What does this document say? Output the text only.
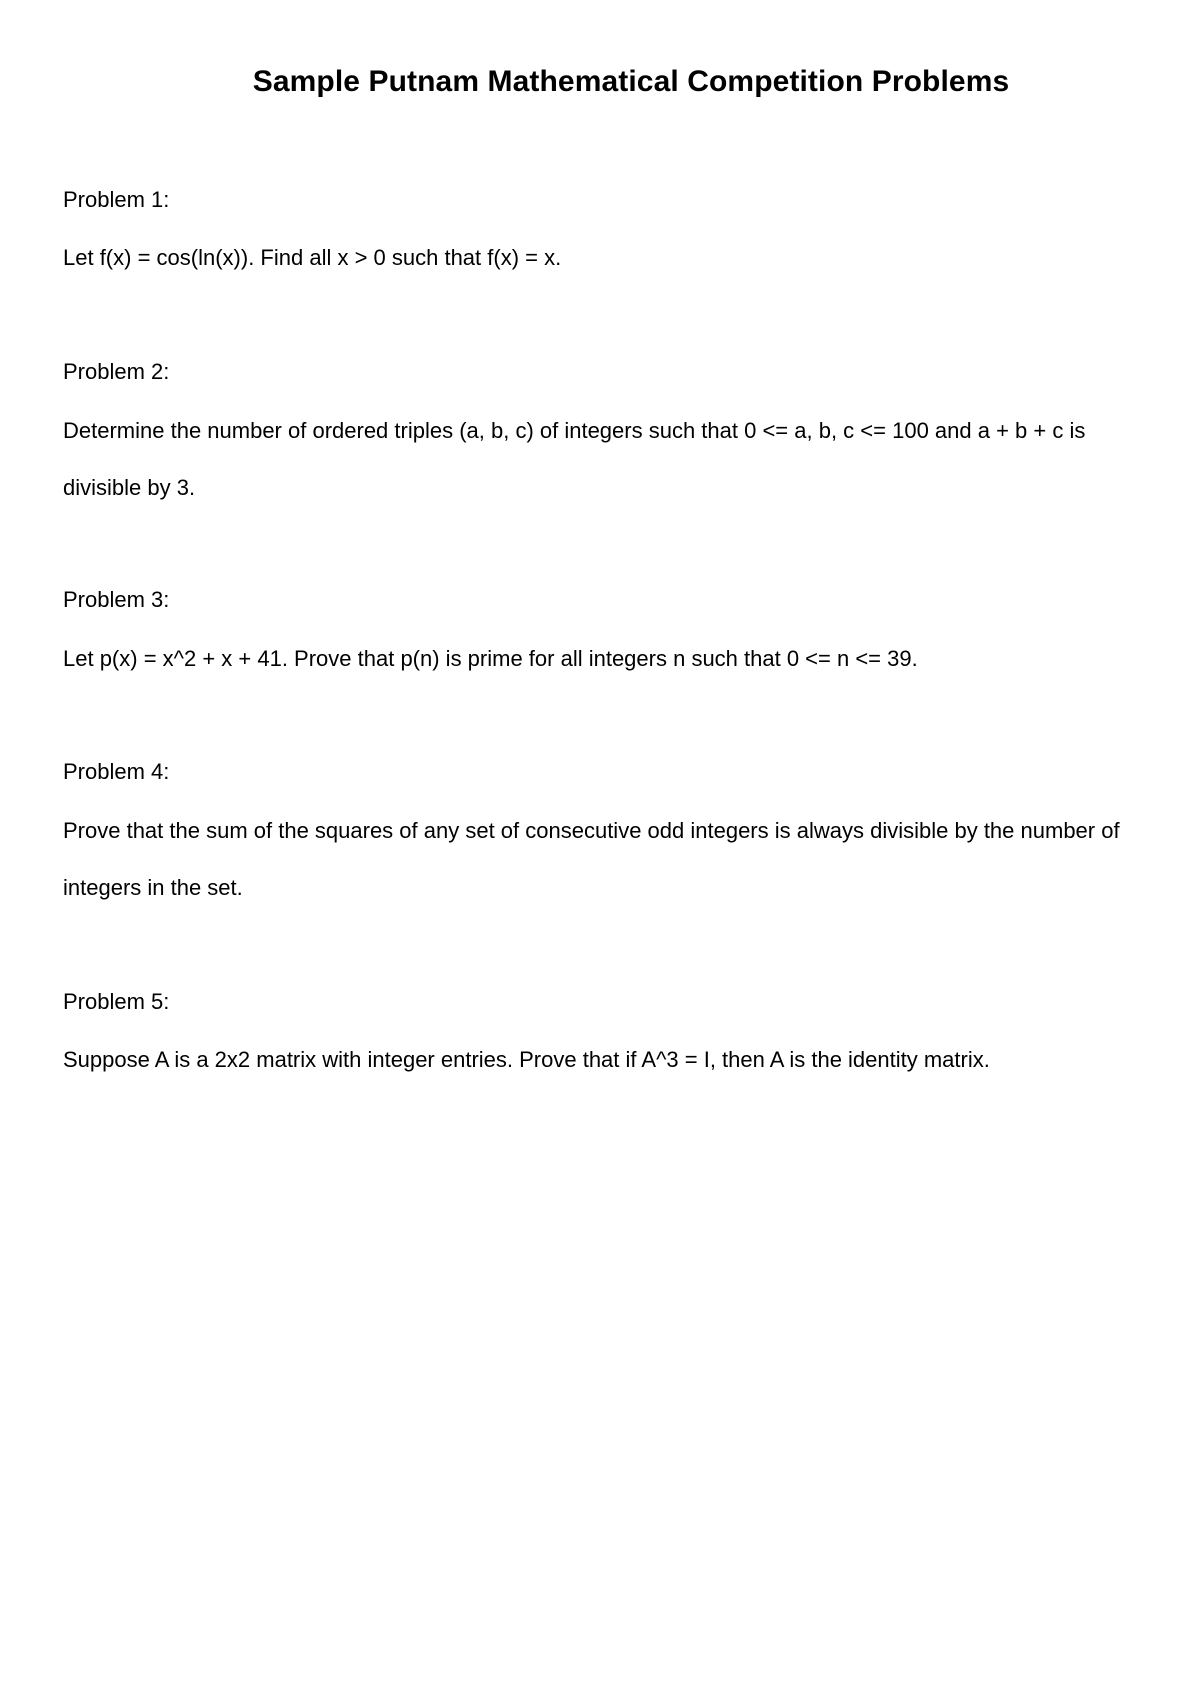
Sample Putnam Mathematical Competition Problems

Problem 1:

Let f(x) = cos(ln(x)). Find all x > 0 such that f(x) = x.

Problem 2:

Determine the number of ordered triples (a, b, c) of integers such that 0 <= a, b, c <= 100 and a + b + c is divisible by 3.

Problem 3:

Let p(x) = x^2 + x + 41. Prove that p(n) is prime for all integers n such that 0 <= n <= 39.

Problem 4:

Prove that the sum of the squares of any set of consecutive odd integers is always divisible by the number of integers in the set.

Problem 5:

Suppose A is a 2x2 matrix with integer entries. Prove that if A^3 = I, then A is the identity matrix.
